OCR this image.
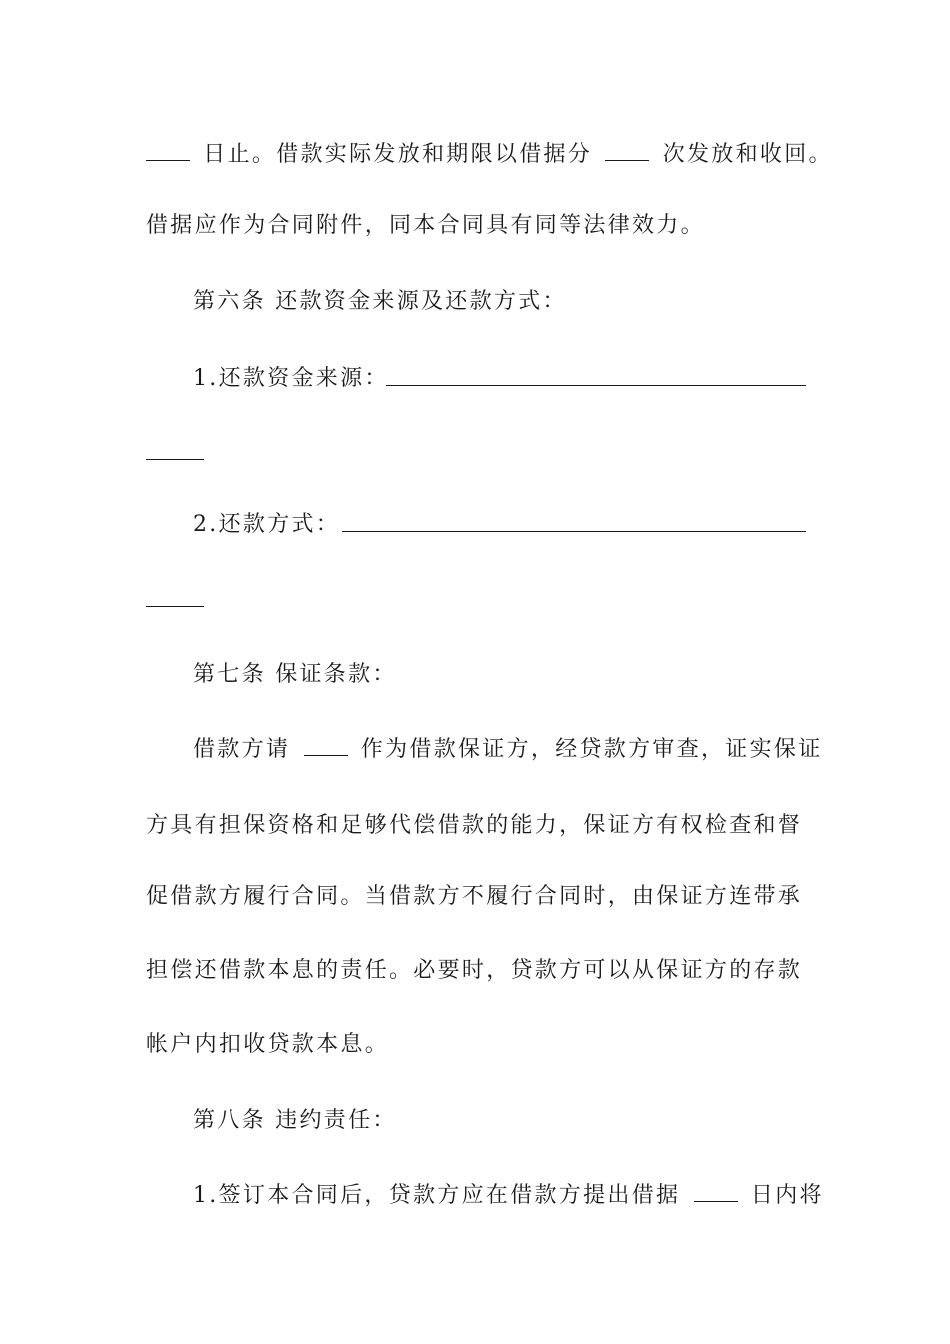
日止。借款实际发放和期限以借据分	次发放和收回。
借据应作为合同附件，同本合同具有同等法律效力。
第六条 还款资金来源及还款方式：
1.还款资金来源：
2.还款方式：
第七条 保证条款：
借款方请	作为借款保证方，经贷款方审查，证实保证
方具有担保资格和足够代偿借款的能力，保证方有权检查和督
促借款方履行合同。当借款方不履行合同时，由保证方连带承
担偿还借款本息的责任。必要时，贷款方可以从保证方的存款
帐户内扣收贷款本息。
第八条 违约责任：
1.签订本合同后，贷款方应在借款方提出借据	日内将
